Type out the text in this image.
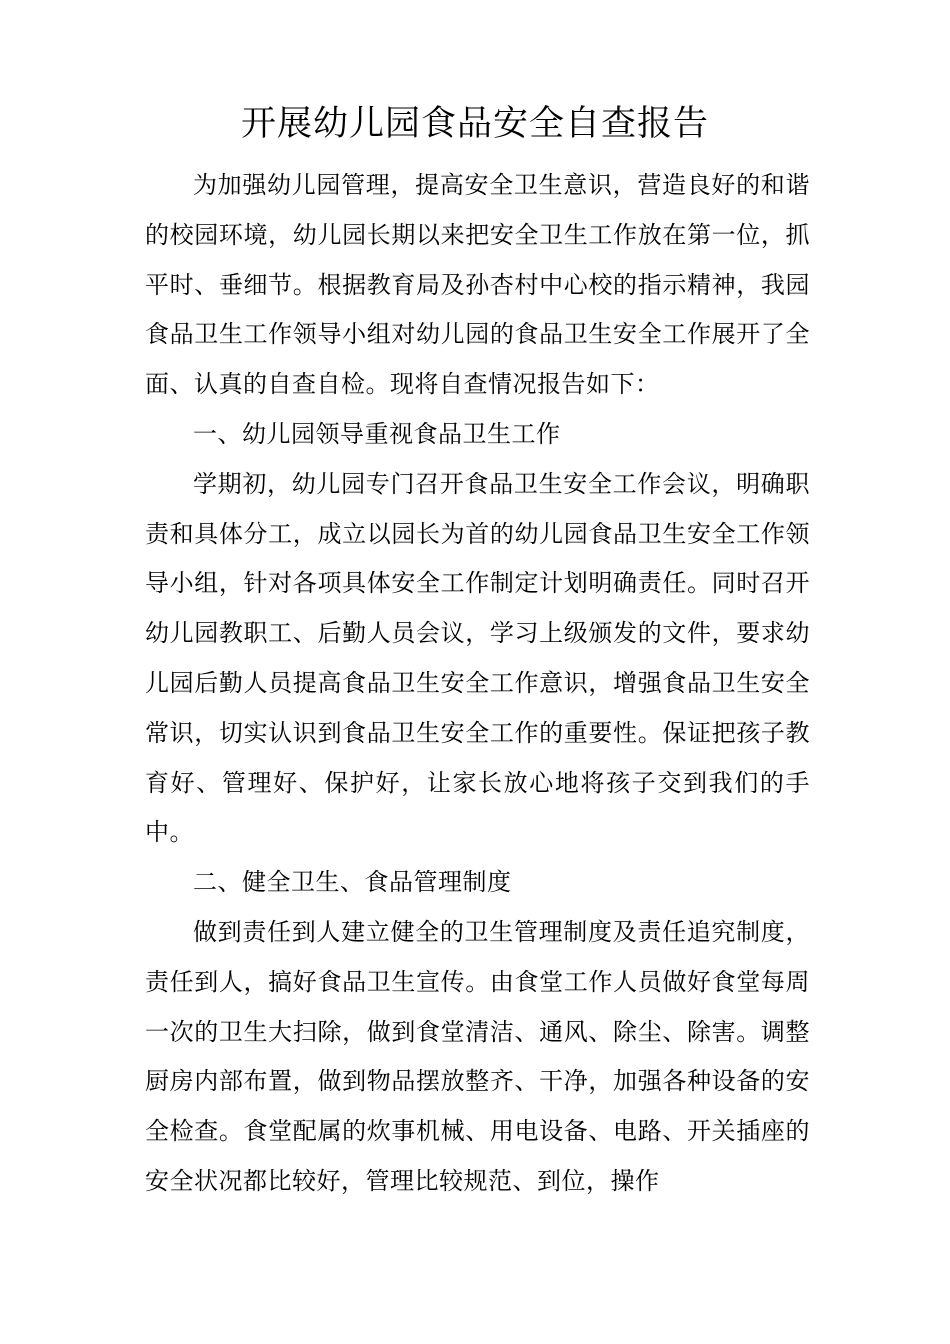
开展幼儿园食品安全自查报告

为加强幼儿园管理，提高安全卫生意识，营造良好的和谐的校园环境，幼儿园长期以来把安全卫生工作放在第一位，抓平时、垂细节。根据教育局及孙杏村中心校的指示精神，我园食品卫生工作领导小组对幼儿园的食品卫生安全工作展开了全面、认真的自查自检。现将自查情况报告如下：

一、幼儿园领导重视食品卫生工作

学期初，幼儿园专门召开食品卫生安全工作会议，明确职责和具体分工，成立以园长为首的幼儿园食品卫生安全工作领导小组，针对各项具体安全工作制定计划明确责任。同时召开幼儿园教职工、后勤人员会议，学习上级颁发的文件，要求幼儿园后勤人员提高食品卫生安全工作意识，增强食品卫生安全常识，切实认识到食品卫生安全工作的重要性。保证把孩子教育好、管理好、保护好，让家长放心地将孩子交到我们的手中。

二、健全卫生、食品管理制度

做到责任到人建立健全的卫生管理制度及责任追究制度，责任到人，搞好食品卫生宣传。由食堂工作人员做好食堂每周一次的卫生大扫除，做到食堂清洁、通风、除尘、除害。调整厨房内部布置，做到物品摆放整齐、干净，加强各种设备的安全检查。食堂配属的炊事机械、用电设备、电路、开关插座的安全状况都比较好，管理比较规范、到位，操作
